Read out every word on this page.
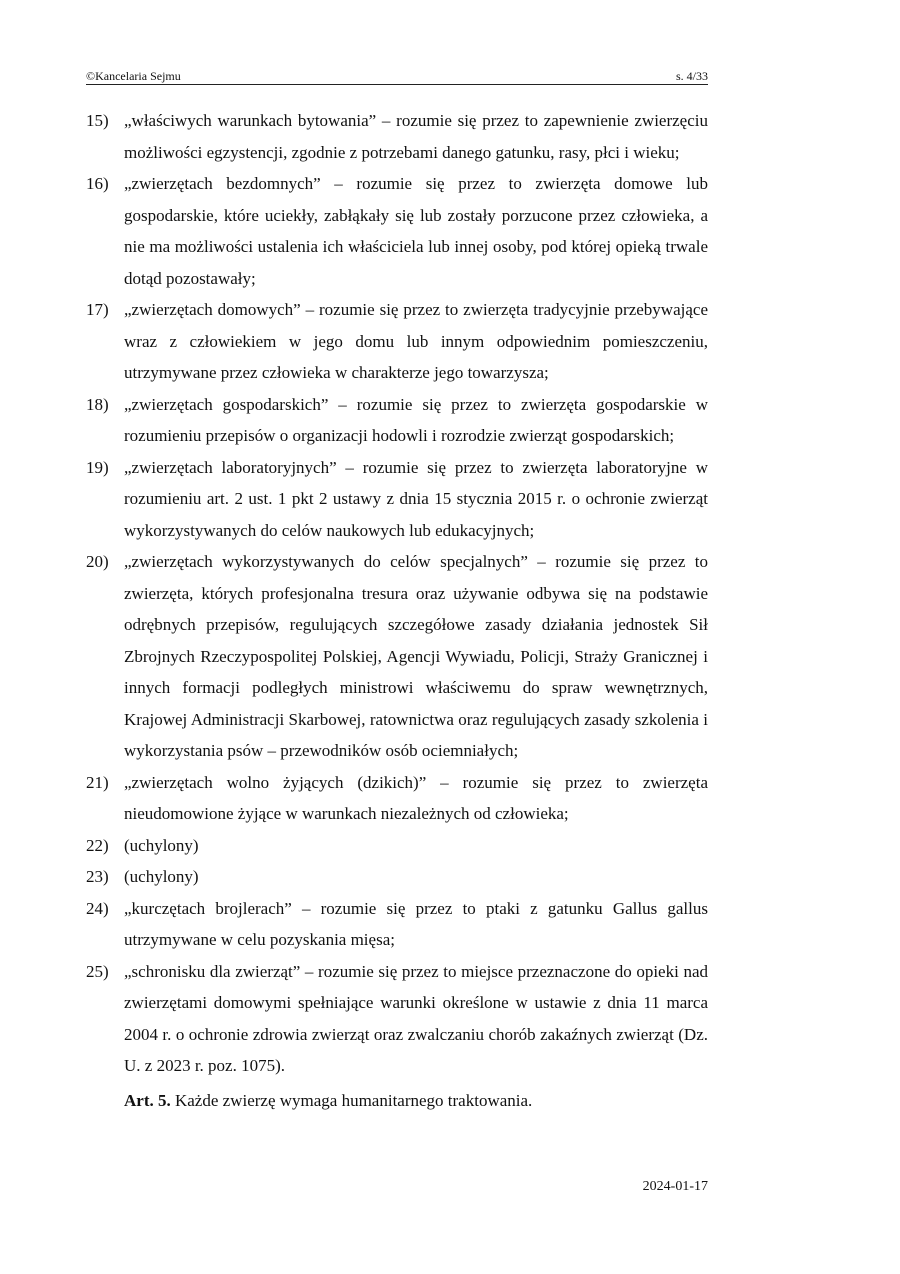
©Kancelaria Sejmu	s. 4/33
15) „właściwych warunkach bytowania” – rozumie się przez to zapewnienie zwierzęciu możliwości egzystencji, zgodnie z potrzebami danego gatunku, rasy, płci i wieku;
16) „zwierzętach bezdomnych” – rozumie się przez to zwierzęta domowe lub gospodarskie, które uciekły, zabłąkały się lub zostały porzucone przez człowieka, a nie ma możliwości ustalenia ich właściciela lub innej osoby, pod której opieką trwale dotąd pozostawały;
17) „zwierzętach domowych” – rozumie się przez to zwierzęta tradycyjnie przebywające wraz z człowiekiem w jego domu lub innym odpowiednim pomieszczeniu, utrzymywane przez człowieka w charakterze jego towarzysza;
18) „zwierzętach gospodarskich” – rozumie się przez to zwierzęta gospodarskie w rozumieniu przepisów o organizacji hodowli i rozrodzie zwierząt gospodarskich;
19) „zwierzętach laboratoryjnych” – rozumie się przez to zwierzęta laboratoryjne w rozumieniu art. 2 ust. 1 pkt 2 ustawy z dnia 15 stycznia 2015 r. o ochronie zwierząt wykorzystywanych do celów naukowych lub edukacyjnych;
20) „zwierzętach wykorzystywanych do celów specjalnych” – rozumie się przez to zwierzęta, których profesjonalna tresura oraz używanie odbywa się na podstawie odrębnych przepisów, regulujących szczegółowe zasady działania jednostek Sił Zbrojnych Rzeczypospolitej Polskiej, Agencji Wywiadu, Policji, Straży Granicznej i innych formacji podległych ministrowi właściwemu do spraw wewnętrznych, Krajowej Administracji Skarbowej, ratownictwa oraz regulujących zasady szkolenia i wykorzystania psów – przewodników osób ociemniałych;
21) „zwierzętach wolno żyjących (dzikich)” – rozumie się przez to zwierzęta nieudomowione żyjące w warunkach niezależnych od człowieka;
22) (uchylony)
23) (uchylony)
24) „kurczętach brojlerach” – rozumie się przez to ptaki z gatunku Gallus gallus utrzymywane w celu pozyskania mięsa;
25) „schronisku dla zwierząt” – rozumie się przez to miejsce przeznaczone do opieki nad zwierzętami domowymi spełniające warunki określone w ustawie z dnia 11 marca 2004 r. o ochronie zdrowia zwierząt oraz zwalczaniu chorób zakaźnych zwierząt (Dz. U. z 2023 r. poz. 1075).
Art. 5. Każde zwierzę wymaga humanitarnego traktowania.
2024-01-17
